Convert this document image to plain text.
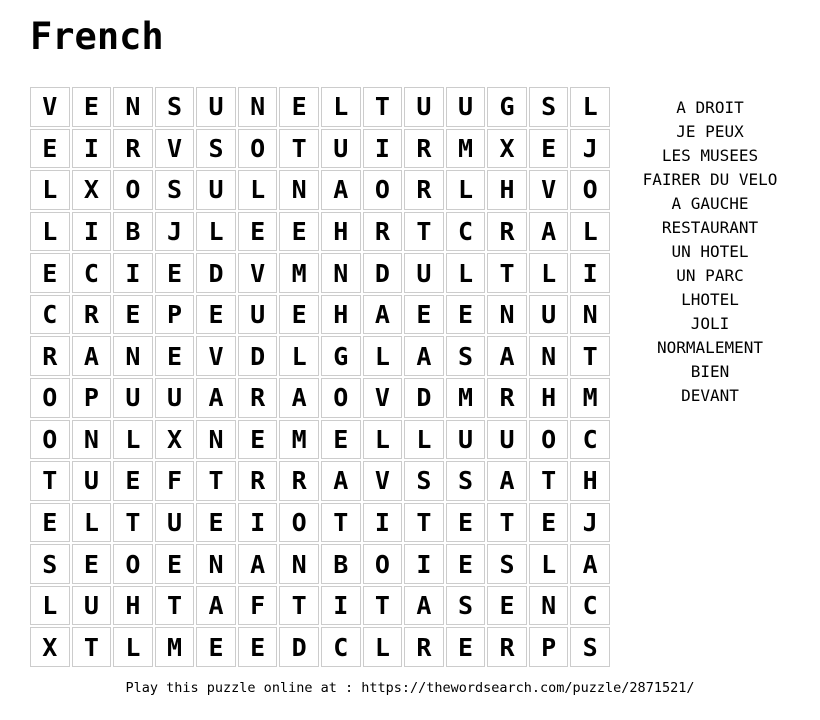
French
V	E	N	S	U	N	E	L	T	U	U	G	S	L
E	I	R	V	S	O	T	U	I	R	M	X	E	J
L	X	O	S	U	L	N	A	O	R	L	H	V	O
L	I	B	J	L	E	E	H	R	T	C	R	A	L
E	C	I	E	D	V	M	N	D	U	L	T	L	I
C	R	E	P	E	U	E	H	A	E	E	N	U	N
R	A	N	E	V	D	L	G	L	A	S	A	N	T
O	P	U	U	A	R	A	O	V	D	M	R	H	M
O	N	L	X	N	E	M	E	L	L	U	U	O	C
T	U	E	F	T	R	R	A	V	S	S	A	T	H
E	L	T	U	E	I	O	T	I	T	E	T	E	J
S	E	O	E	N	A	N	B	O	I	E	S	L	A
L	U	H	T	A	F	T	I	T	A	S	E	N	C
X	T	L	M	E	E	D	C	L	R	E	R	P	S
A DROIT
JE PEUX
LES MUSEES
FAIRER DU VELO
A GAUCHE
RESTAURANT
UN HOTEL
UN PARC
LHOTEL
JOLI
NORMALEMENT
BIEN
DEVANT
Play this puzzle online at : https://thewordsearch.com/puzzle/2871521/
